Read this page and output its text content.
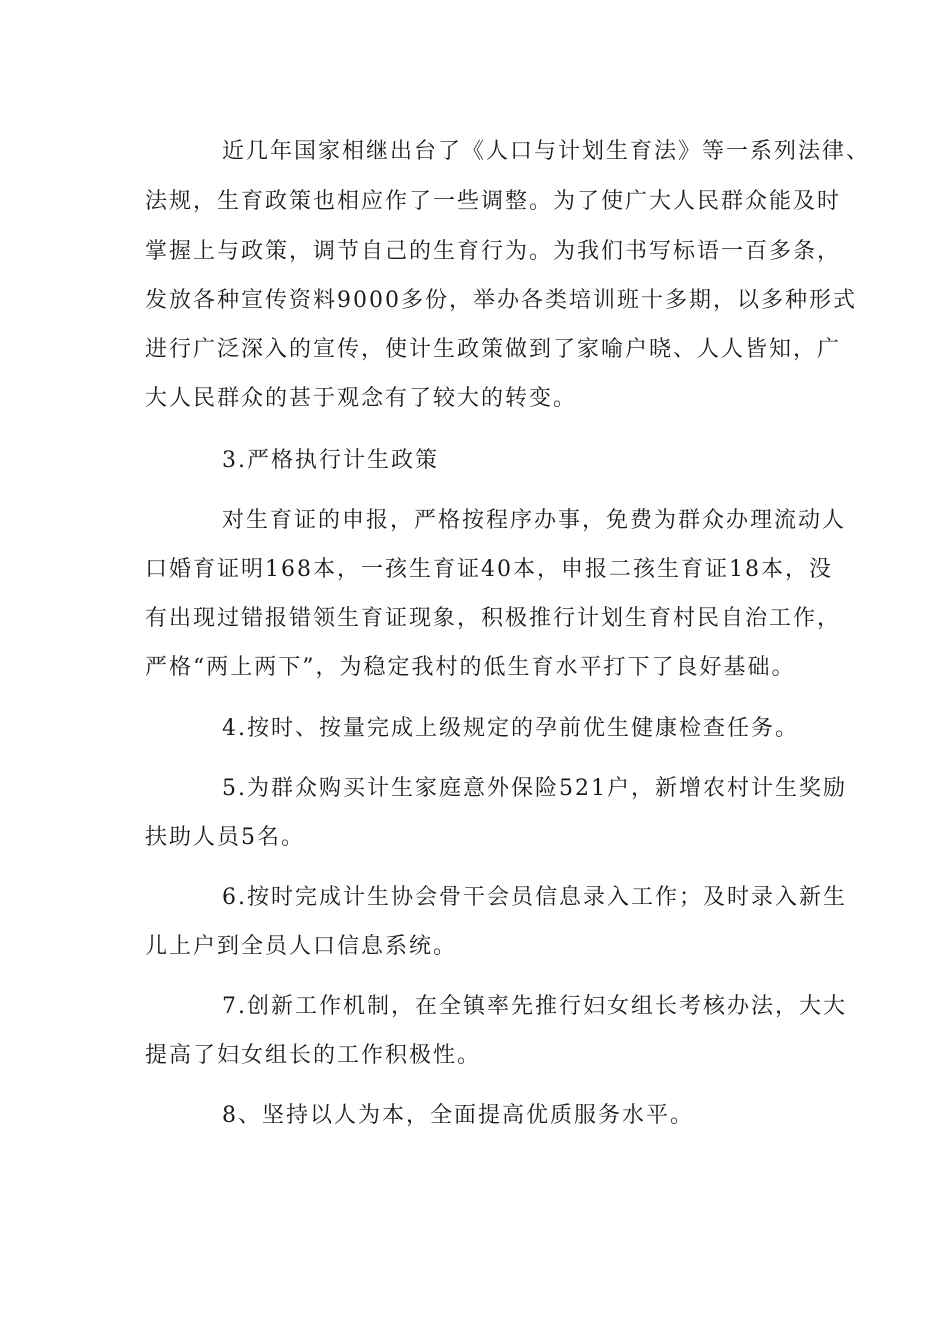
近几年国家相继出台了《人口与计划生育法》等一系列法律、
法规，生育政策也相应作了一些调整。为了使广大人民群众能及时
掌握上与政策，调节自己的生育行为。为我们书写标语一百多条，
发放各种宣传资料9000多份，举办各类培训班十多期，以多种形式
进行广泛深入的宣传，使计生政策做到了家喻户晓、人人皆知，广
大人民群众的甚于观念有了较大的转变。
3.严格执行计生政策
对生育证的申报，严格按程序办事，免费为群众办理流动人
口婚育证明168本，一孩生育证40本，申报二孩生育证18本，没
有出现过错报错领生育证现象，积极推行计划生育村民自治工作，
严格“两上两下”，为稳定我村的低生育水平打下了良好基础。
4.按时、按量完成上级规定的孕前优生健康检查任务。
5.为群众购买计生家庭意外保险521户，新增农村计生奖励
扶助人员5名。
6.按时完成计生协会骨干会员信息录入工作；及时录入新生
儿上户到全员人口信息系统。
7.创新工作机制，在全镇率先推行妇女组长考核办法，大大
提高了妇女组长的工作积极性。
8、坚持以人为本，全面提高优质服务水平。
